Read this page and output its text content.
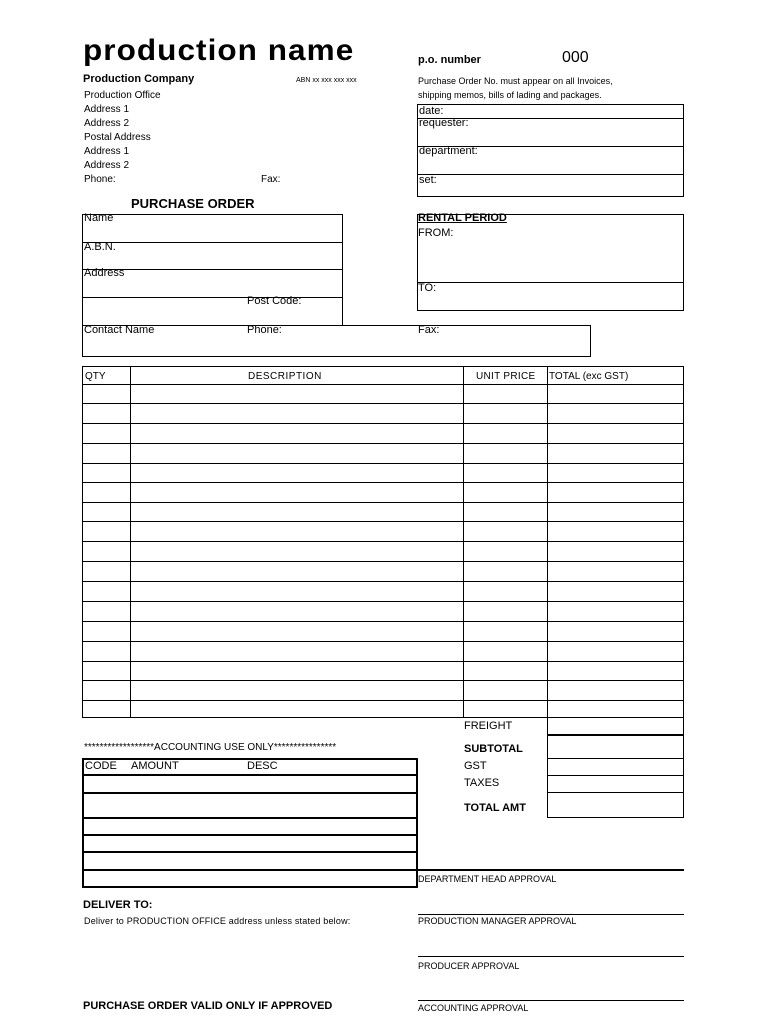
production name
Production Company	ABN xx xxx xxx xxx
Production Office
Address 1
Address 2
Postal Address
Address 1
Address 2
Phone:	Fax:
p.o. number	000
Purchase Order No. must appear on all Invoices,
shipping memos, bills of lading and packages.
date:
requester:
department:
set:
PURCHASE ORDER
Name
A.B.N.
Address
Post Code:
Contact Name	Phone:	Fax:
RENTAL PERIOD
FROM:
TO:
QTY	DESCRIPTION	UNIT PRICE TOTAL (exc GST)
FREIGHT
SUBTOTAL
GST
TAXES
TOTAL AMT
******************ACCOUNTING USE ONLY****************
CODE AMOUNT	DESC
DEPARTMENT HEAD APPROVAL
PRODUCTION MANAGER APPROVAL
PRODUCER APPROVAL
ACCOUNTING APPROVAL
DELIVER TO:
Deliver to PRODUCTION OFFICE address unless stated below:
PURCHASE ORDER VALID ONLY IF APPROVED
